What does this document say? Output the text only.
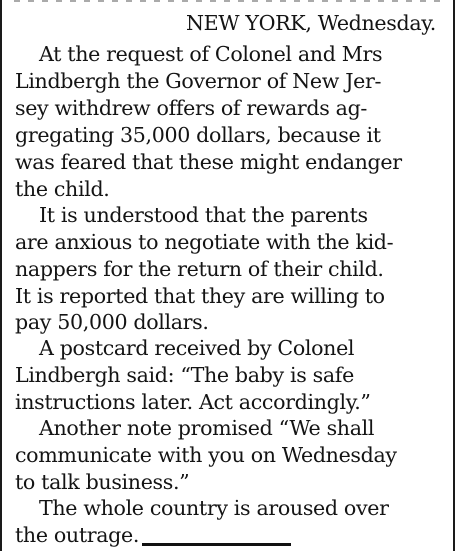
NEW YORK, Wednesday.
At the request of Colonel and Mrs
Lindbergh the Governor of New Jer-
sey withdrew offers of rewards ag-
gregating 35,000 dollars, because it
was feared that these might endanger
the child.
It is understood that the parents
are anxious to negotiate with the kid-
nappers for the return of their child.
It is reported that they are willing to
pay 50,000 dollars.
A postcard received by Colonel
Lindbergh said: “The baby is safe
instructions later. Act accordingly.”
Another note promised “We shall
communicate with you on Wednesday
to talk business.”
The whole country is aroused over
the outrage.
